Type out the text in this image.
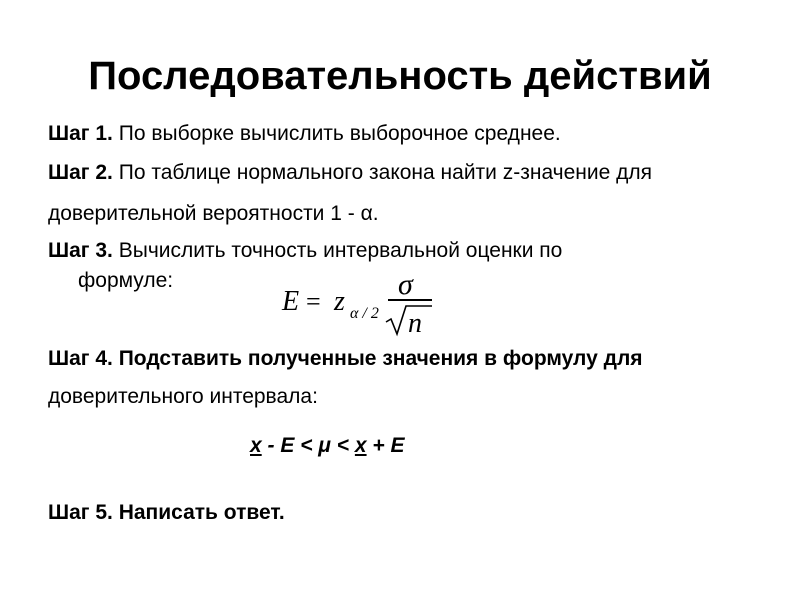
Последовательность действий
Шаг 1. По выборке вычислить выборочное среднее.
Шаг 2. По таблице нормального закона найти z-значение для
доверительной вероятности 1 - α.
Шаг 3. Вычислить точность интервальной оценки по
формуле:
E = z α / 2
σ
n
Шаг 4. Подставить полученные значения в формулу для
доверительного интервала:
x - E < μ < x + E
Шаг 5. Написать ответ.
